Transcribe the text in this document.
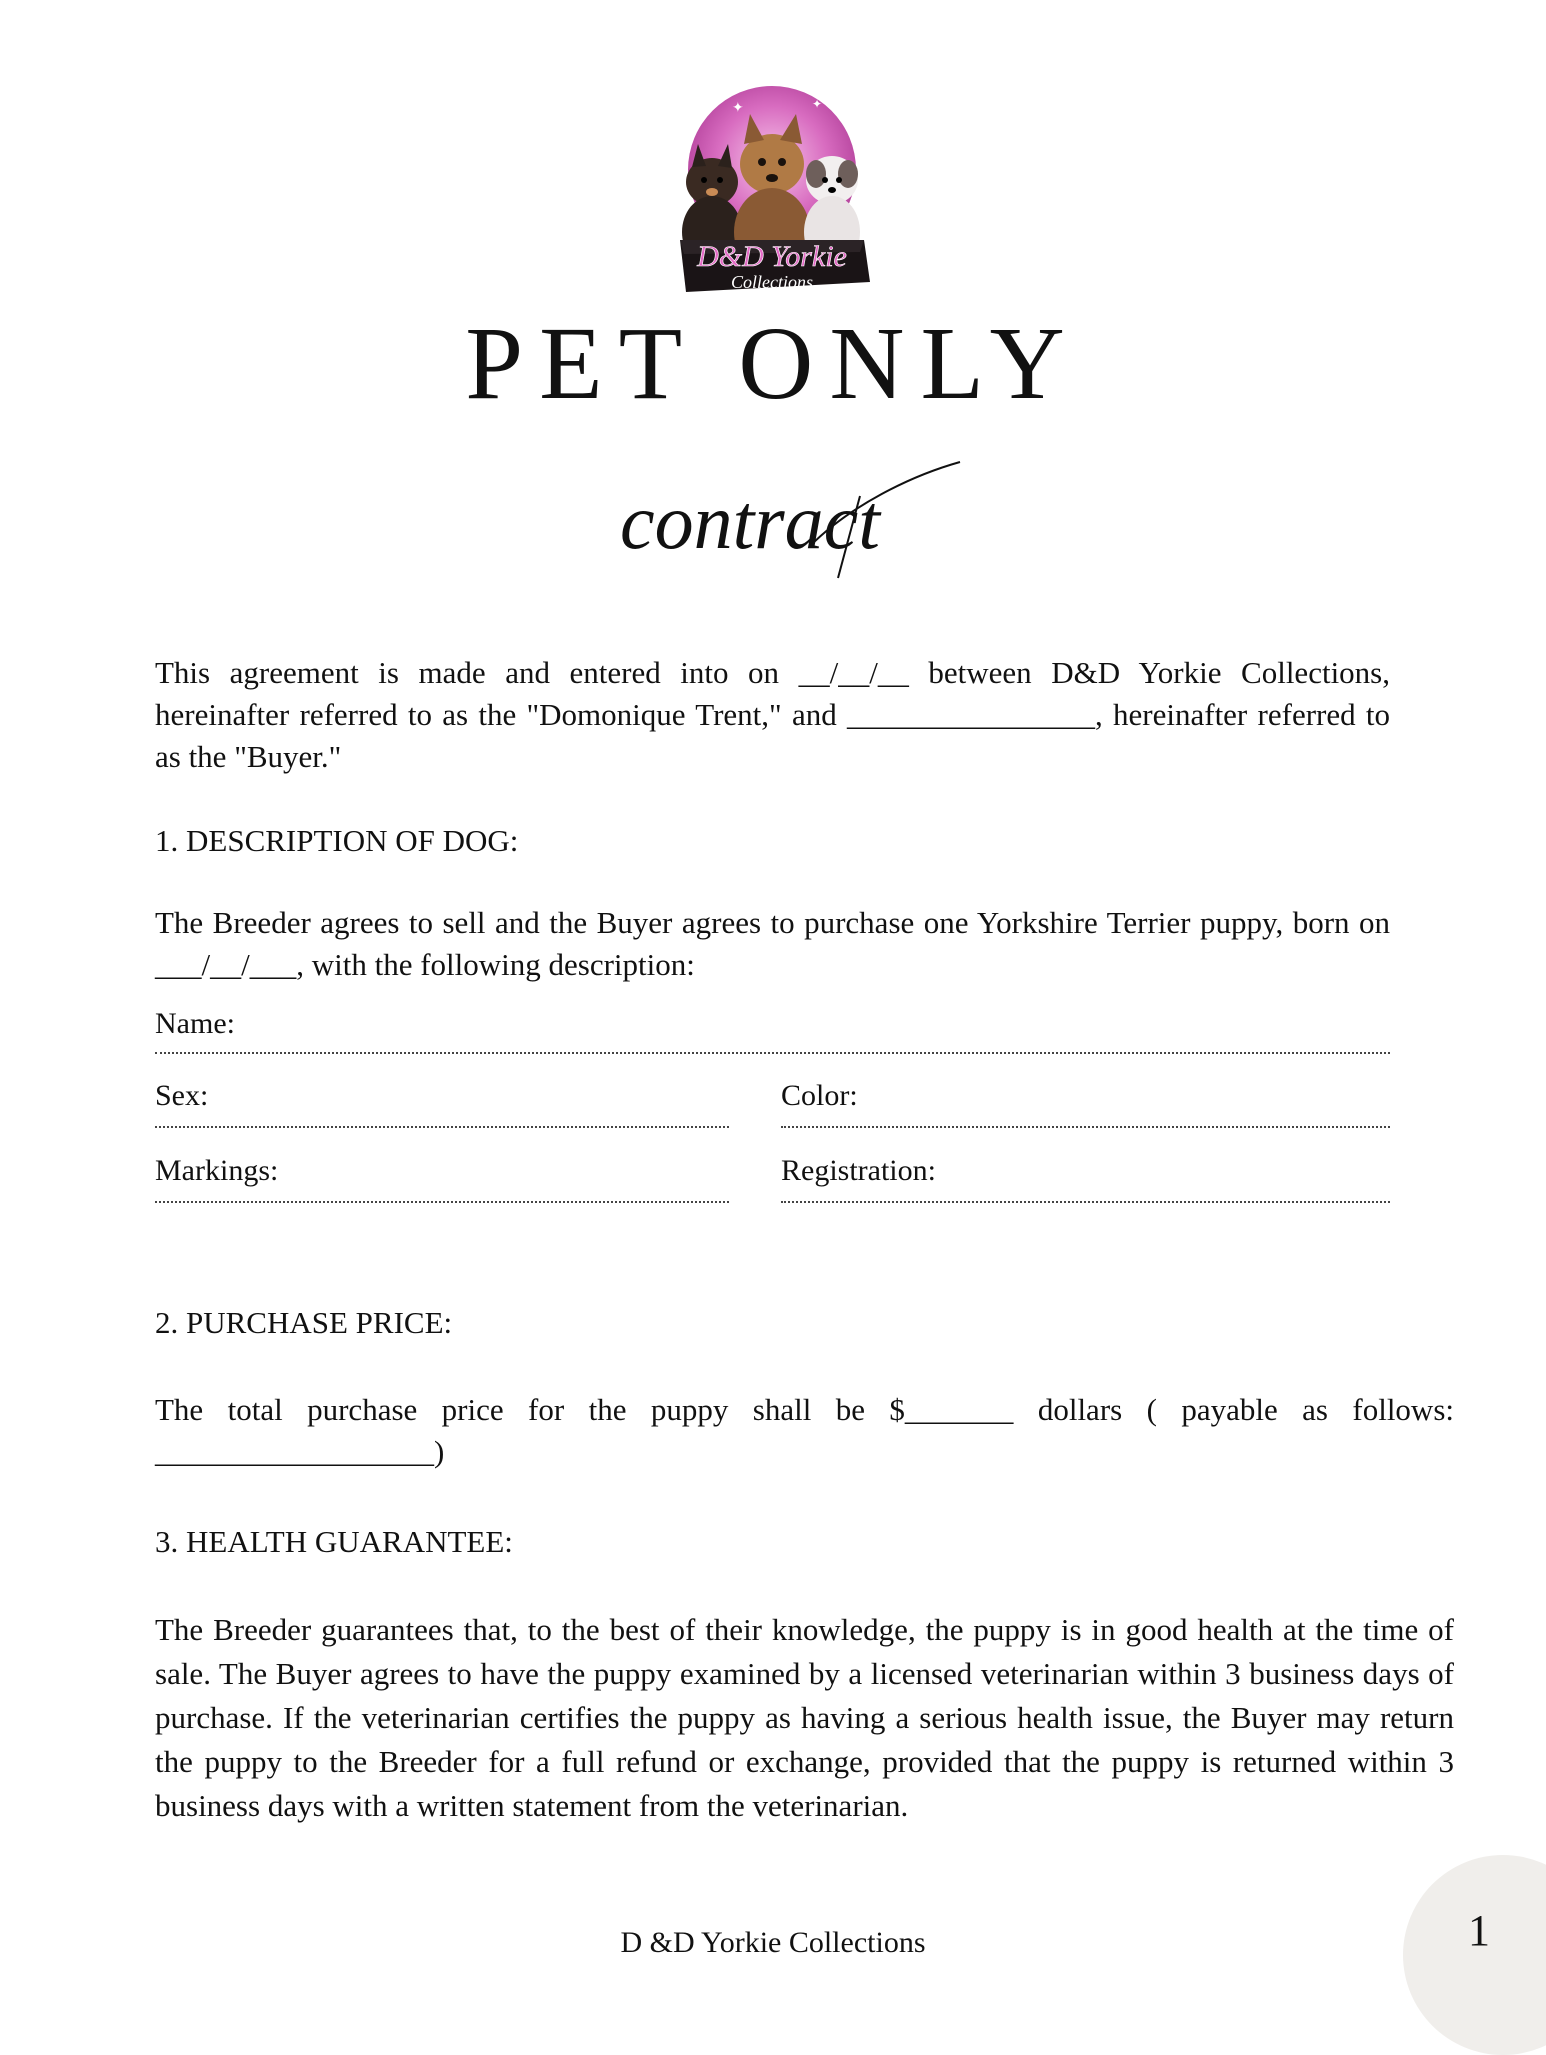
✦	✦
D&D Yorkie
Collections
PET ONLY
contract

This agreement is made and entered into on __/__/__ between D&D Yorkie Collections, hereinafter referred to as the "Domonique Trent," and ________________, hereinafter referred to as the "Buyer."

1. DESCRIPTION OF DOG:

The Breeder agrees to sell and the Buyer agrees to purchase one Yorkshire Terrier puppy, born on ___/__/___, with the following description:

Name:
Sex:	Color:
Markings:	Registration:

2. PURCHASE PRICE:

The total purchase price for the puppy shall be $_______ dollars ( payable as follows: __________________)

3. HEALTH GUARANTEE:

The Breeder guarantees that, to the best of their knowledge, the puppy is in good health at the time of sale. The Buyer agrees to have the puppy examined by a licensed veterinarian within 3 business days of purchase. If the veterinarian certifies the puppy as having a serious health issue, the Buyer may return the puppy to the Breeder for a full refund or exchange, provided that the puppy is returned within 3 business days with a written statement from the veterinarian.

D &D Yorkie Collections	1
